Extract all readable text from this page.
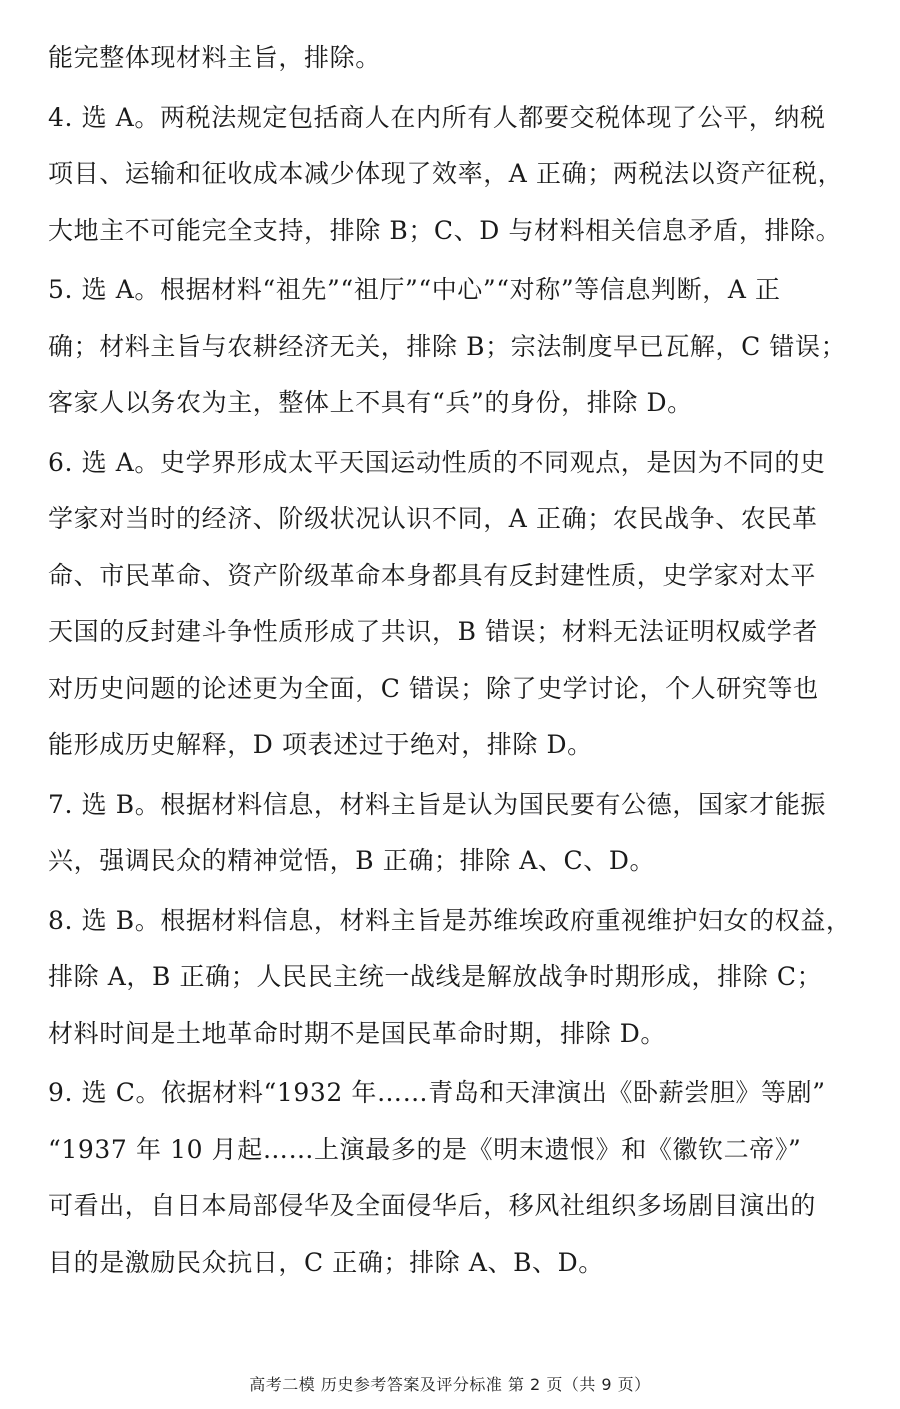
能完整体现材料主旨，排除。
4. 选 A。两税法规定包括商人在内所有人都要交税体现了公平，纳税
项目、运输和征收成本减少体现了效率，A 正确；两税法以资产征税，
大地主不可能完全支持，排除 B；C、D 与材料相关信息矛盾，排除。
5. 选 A。根据材料“祖先”“祖厅”“中心”“对称”等信息判断，A 正
确；材料主旨与农耕经济无关，排除 B；宗法制度早已瓦解，C 错误；
客家人以务农为主，整体上不具有“兵”的身份，排除 D。
6. 选 A。史学界形成太平天国运动性质的不同观点，是因为不同的史
学家对当时的经济、阶级状况认识不同，A 正确；农民战争、农民革
命、市民革命、资产阶级革命本身都具有反封建性质，史学家对太平
天国的反封建斗争性质形成了共识，B 错误；材料无法证明权威学者
对历史问题的论述更为全面，C 错误；除了史学讨论，个人研究等也
能形成历史解释，D 项表述过于绝对，排除 D。
7. 选 B。根据材料信息，材料主旨是认为国民要有公德，国家才能振
兴，强调民众的精神觉悟，B 正确；排除 A、C、D。
8. 选 B。根据材料信息，材料主旨是苏维埃政府重视维护妇女的权益，
排除 A，B 正确；人民民主统一战线是解放战争时期形成，排除 C；
材料时间是土地革命时期不是国民革命时期，排除 D。
9. 选 C。依据材料“1932 年……青岛和天津演出《卧薪尝胆》等剧”
“1937 年 10 月起……上演最多的是《明末遗恨》和《徽钦二帝》”
可看出，自日本局部侵华及全面侵华后，移风社组织多场剧目演出的
目的是激励民众抗日，C 正确；排除 A、B、D。
高考二模 历史参考答案及评分标准 第 2 页（共 9 页）
